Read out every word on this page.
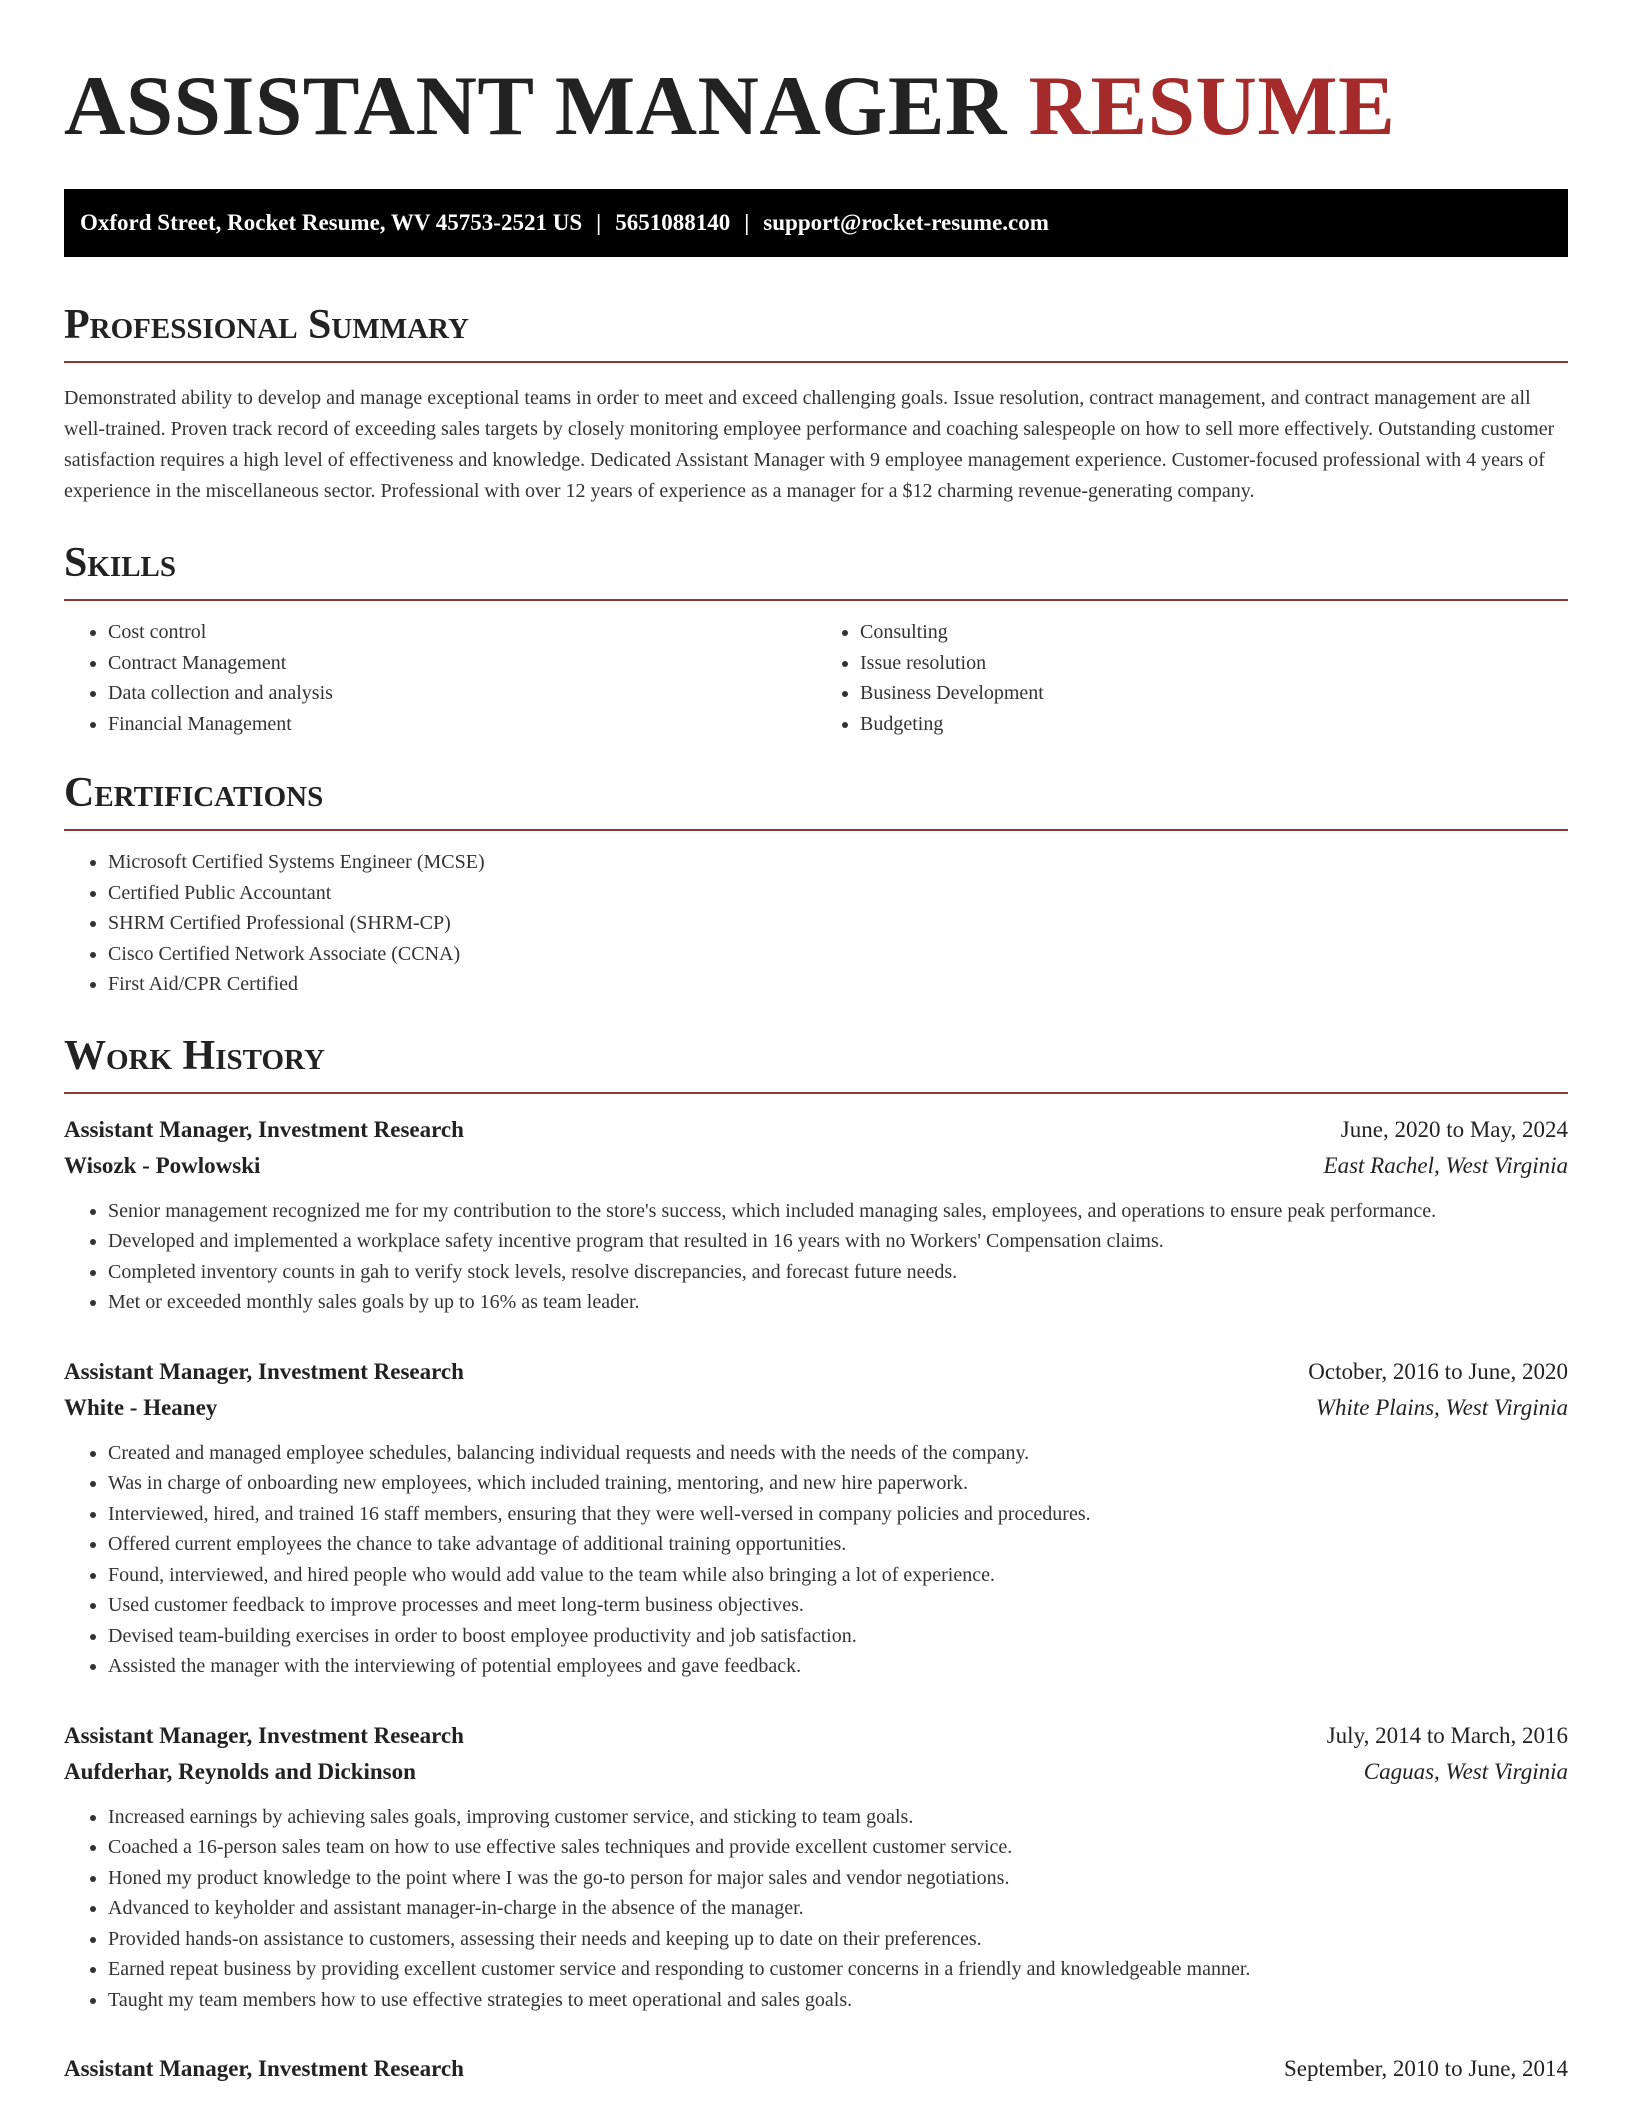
ASSISTANT MANAGER RESUME
Oxford Street, Rocket Resume, WV 45753-2521 US | 5651088140 | support@rocket-resume.com
Professional Summary

Demonstrated ability to develop and manage exceptional teams in order to meet and exceed challenging goals. Issue resolution, contract management, and contract management are all well-trained. Proven track record of exceeding sales targets by closely monitoring employee performance and coaching salespeople on how to sell more effectively. Outstanding customer satisfaction requires a high level of effectiveness and knowledge. Dedicated Assistant Manager with 9 employee management experience. Customer-focused professional with 4 years of experience in the miscellaneous sector. Professional with over 12 years of experience as a manager for a $12 charming revenue-generating company.

Skills
• Cost control
• Contract Management
• Data collection and analysis
• Financial Management
• Consulting
• Issue resolution
• Business Development
• Budgeting
Certifications
• Microsoft Certified Systems Engineer (MCSE)
• Certified Public Accountant
• SHRM Certified Professional (SHRM-CP)
• Cisco Certified Network Associate (CCNA)
• First Aid/CPR Certified
Work History
Assistant Manager, Investment Research	June, 2020 to May, 2024
Wisozk - Powlowski	East Rachel, West Virginia
• Senior management recognized me for my contribution to the store's success, which included managing sales, employees, and operations to ensure peak performance.
• Developed and implemented a workplace safety incentive program that resulted in 16 years with no Workers' Compensation claims.
• Completed inventory counts in gah to verify stock levels, resolve discrepancies, and forecast future needs.
• Met or exceeded monthly sales goals by up to 16% as team leader.
Assistant Manager, Investment Research	October, 2016 to June, 2020
White - Heaney	White Plains, West Virginia
• Created and managed employee schedules, balancing individual requests and needs with the needs of the company.
• Was in charge of onboarding new employees, which included training, mentoring, and new hire paperwork.
• Interviewed, hired, and trained 16 staff members, ensuring that they were well-versed in company policies and procedures.
• Offered current employees the chance to take advantage of additional training opportunities.
• Found, interviewed, and hired people who would add value to the team while also bringing a lot of experience.
• Used customer feedback to improve processes and meet long-term business objectives.
• Devised team-building exercises in order to boost employee productivity and job satisfaction.
• Assisted the manager with the interviewing of potential employees and gave feedback.
Assistant Manager, Investment Research	July, 2014 to March, 2016
Aufderhar, Reynolds and Dickinson	Caguas, West Virginia
• Increased earnings by achieving sales goals, improving customer service, and sticking to team goals.
• Coached a 16-person sales team on how to use effective sales techniques and provide excellent customer service.
• Honed my product knowledge to the point where I was the go-to person for major sales and vendor negotiations.
• Advanced to keyholder and assistant manager-in-charge in the absence of the manager.
• Provided hands-on assistance to customers, assessing their needs and keeping up to date on their preferences.
• Earned repeat business by providing excellent customer service and responding to customer concerns in a friendly and knowledgeable manner.
• Taught my team members how to use effective strategies to meet operational and sales goals.
Assistant Manager, Investment Research	September, 2010 to June, 2014
